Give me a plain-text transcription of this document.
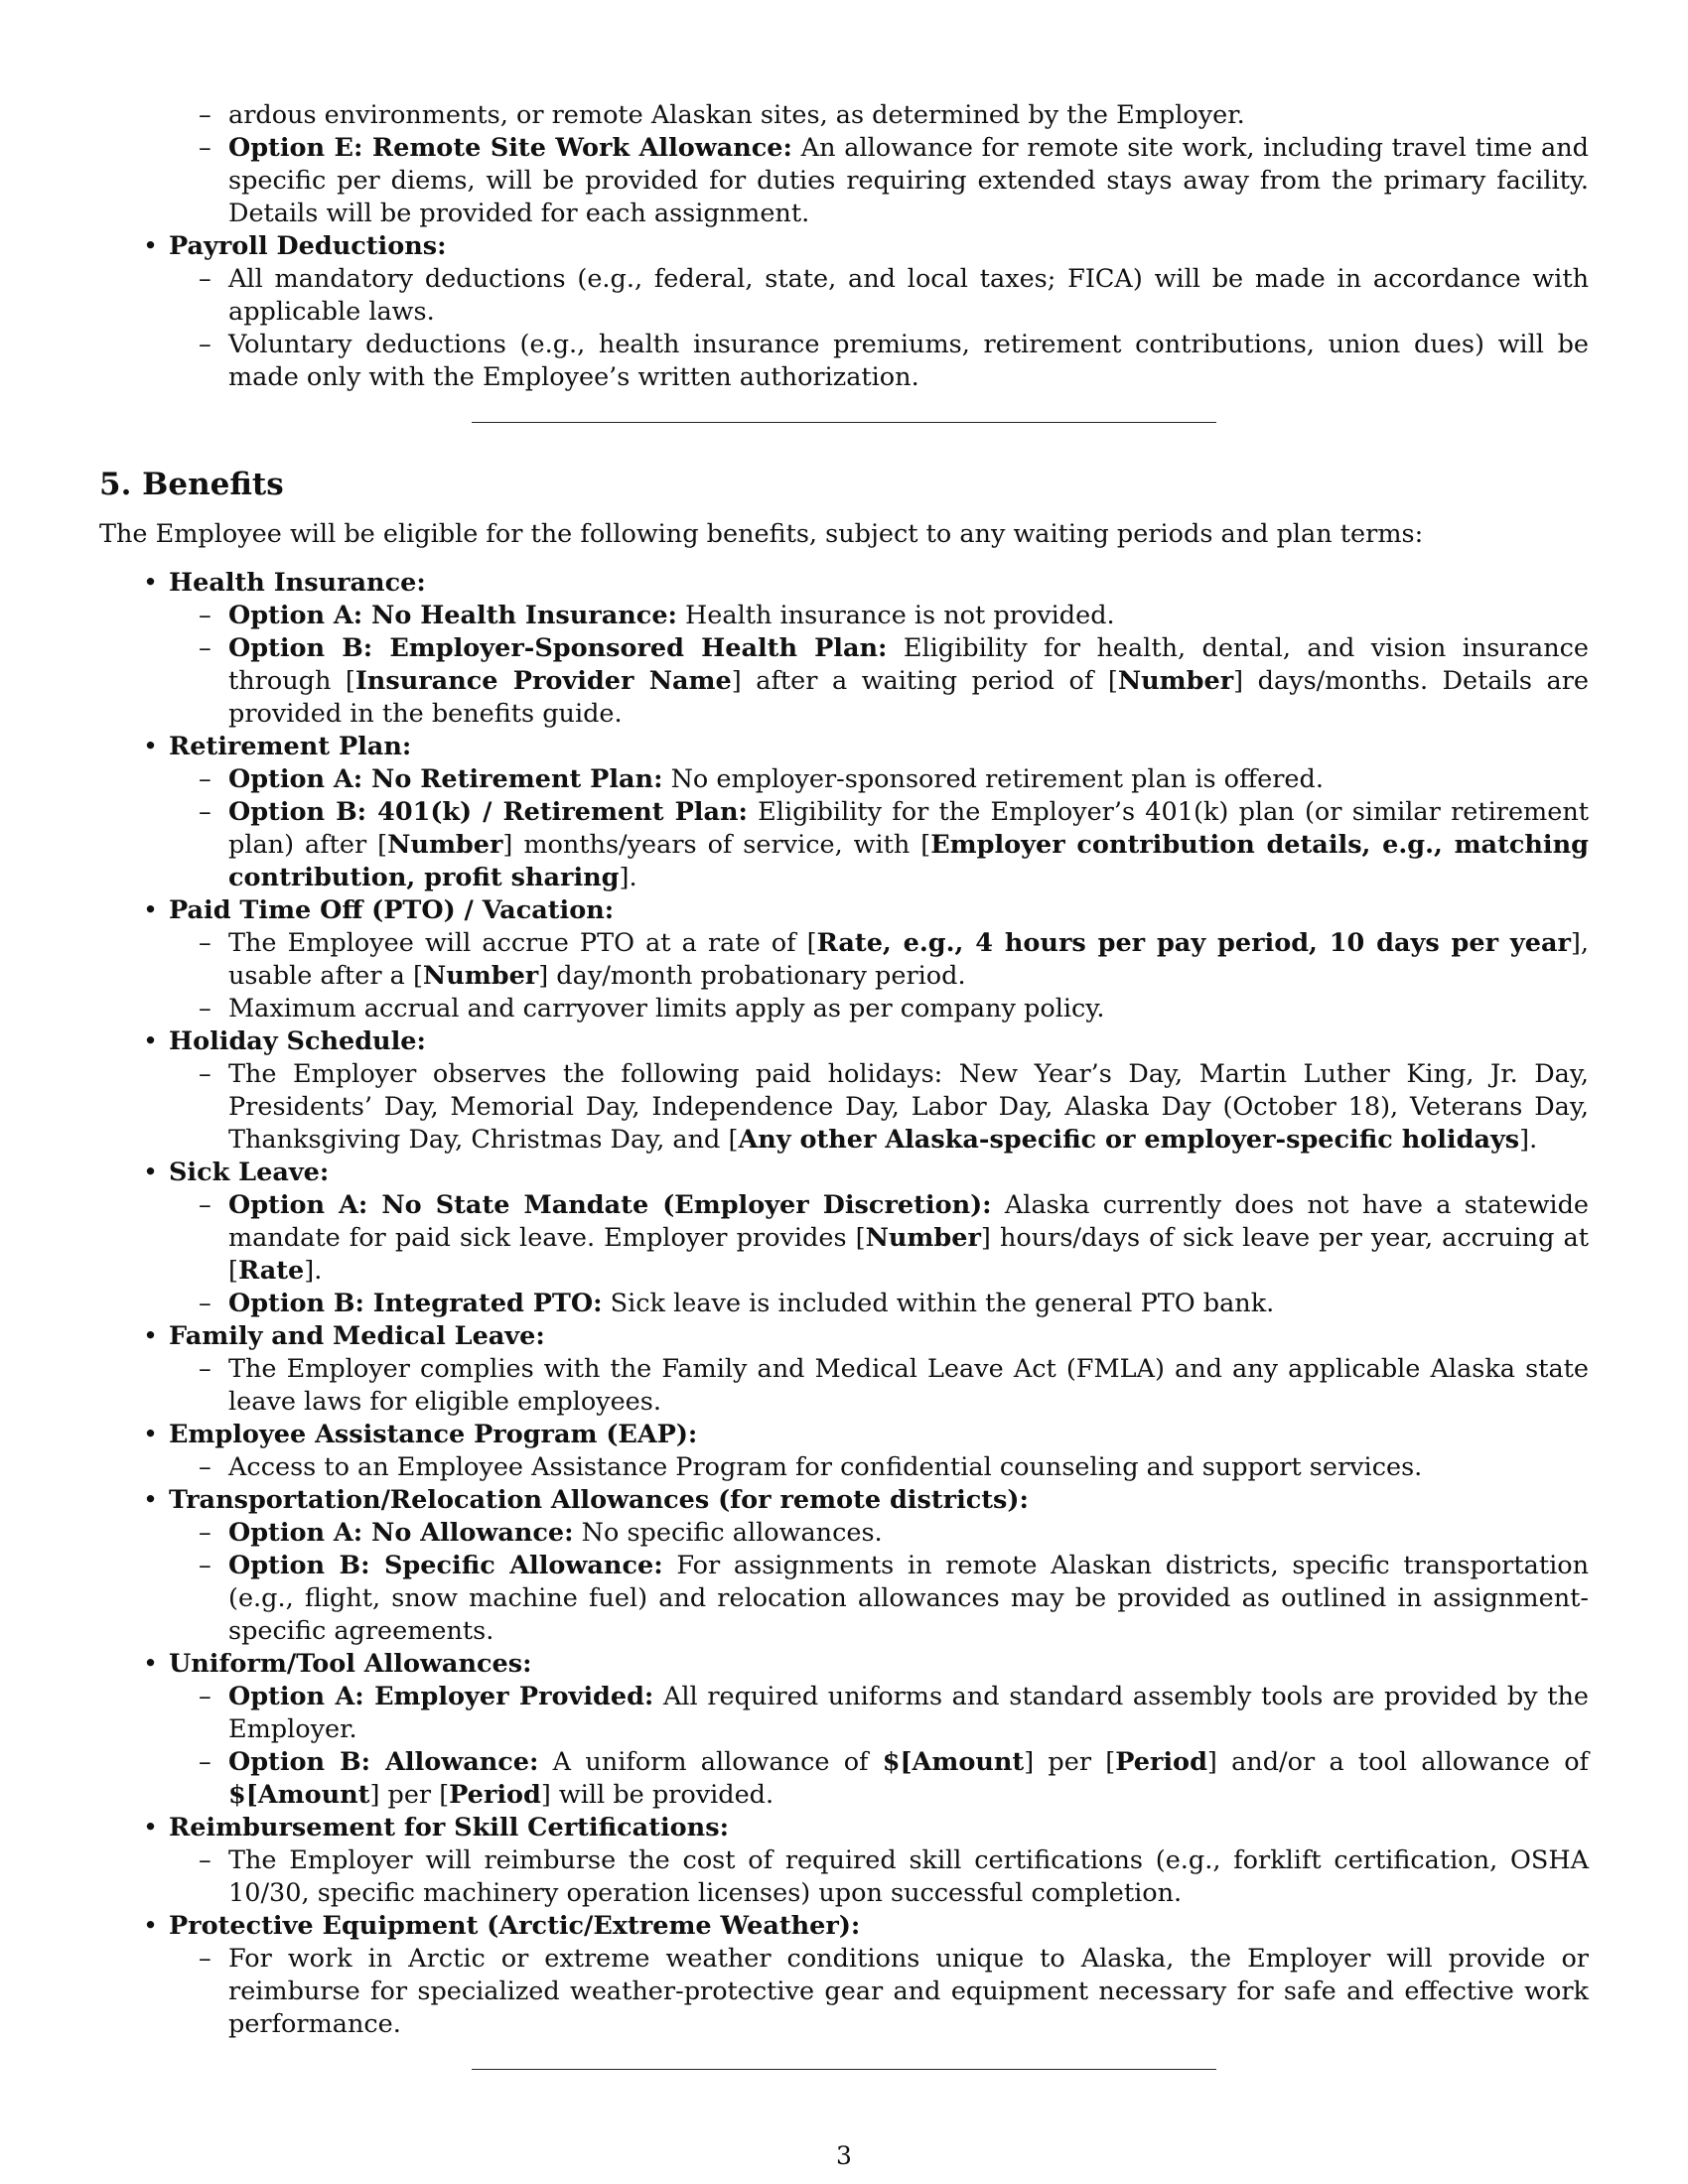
– ardous environments, or remote Alaskan sites, as determined by the Employer.
– Option E: Remote Site Work Allowance: An allowance for remote site work, including travel time and specific per diems, will be provided for duties requiring extended stays away from the primary facility. Details will be provided for each assignment.
• Payroll Deductions:
– All mandatory deductions (e.g., federal, state, and local taxes; FICA) will be made in accordance with applicable laws.
– Voluntary deductions (e.g., health insurance premiums, retirement contributions, union dues) will be made only with the Employee’s written authorization.
5. Benefits
The Employee will be eligible for the following benefits, subject to any waiting periods and plan terms:
• Health Insurance:
– Option A: No Health Insurance: Health insurance is not provided.
– Option B: Employer-Sponsored Health Plan: Eligibility for health, dental, and vision insurance through [Insurance Provider Name] after a waiting period of [Number] days/months. Details are provided in the benefits guide.
• Retirement Plan:
– Option A: No Retirement Plan: No employer-sponsored retirement plan is offered.
– Option B: 401(k) / Retirement Plan: Eligibility for the Employer’s 401(k) plan (or similar retirement plan) after [Number] months/years of service, with [Employer contribution details, e.g., matching contribution, profit sharing].
• Paid Time Off (PTO) / Vacation:
– The Employee will accrue PTO at a rate of [Rate, e.g., 4 hours per pay period, 10 days per year], usable after a [Number] day/month probationary period.
– Maximum accrual and carryover limits apply as per company policy.
• Holiday Schedule:
– The Employer observes the following paid holidays: New Year’s Day, Martin Luther King, Jr. Day, Presidents’ Day, Memorial Day, Independence Day, Labor Day, Alaska Day (October 18), Veterans Day, Thanksgiving Day, Christmas Day, and [Any other Alaska-specific or employer-specific holidays].
• Sick Leave:
– Option A: No State Mandate (Employer Discretion): Alaska currently does not have a statewide mandate for paid sick leave. Employer provides [Number] hours/days of sick leave per year, accruing at [Rate].
– Option B: Integrated PTO: Sick leave is included within the general PTO bank.
• Family and Medical Leave:
– The Employer complies with the Family and Medical Leave Act (FMLA) and any applicable Alaska state leave laws for eligible employees.
• Employee Assistance Program (EAP):
– Access to an Employee Assistance Program for confidential counseling and support services.
• Transportation/Relocation Allowances (for remote districts):
– Option A: No Allowance: No specific allowances.
– Option B: Specific Allowance: For assignments in remote Alaskan districts, specific transportation (e.g., flight, snow machine fuel) and relocation allowances may be provided as outlined in assignment-specific agreements.
• Uniform/Tool Allowances:
– Option A: Employer Provided: All required uniforms and standard assembly tools are provided by the Employer.
– Option B: Allowance: A uniform allowance of $[Amount] per [Period] and/or a tool allowance of $[Amount] per [Period] will be provided.
• Reimbursement for Skill Certifications:
– The Employer will reimburse the cost of required skill certifications (e.g., forklift certification, OSHA 10/30, specific machinery operation licenses) upon successful completion.
• Protective Equipment (Arctic/Extreme Weather):
– For work in Arctic or extreme weather conditions unique to Alaska, the Employer will provide or reimburse for specialized weather-protective gear and equipment necessary for safe and effective work performance.
3
